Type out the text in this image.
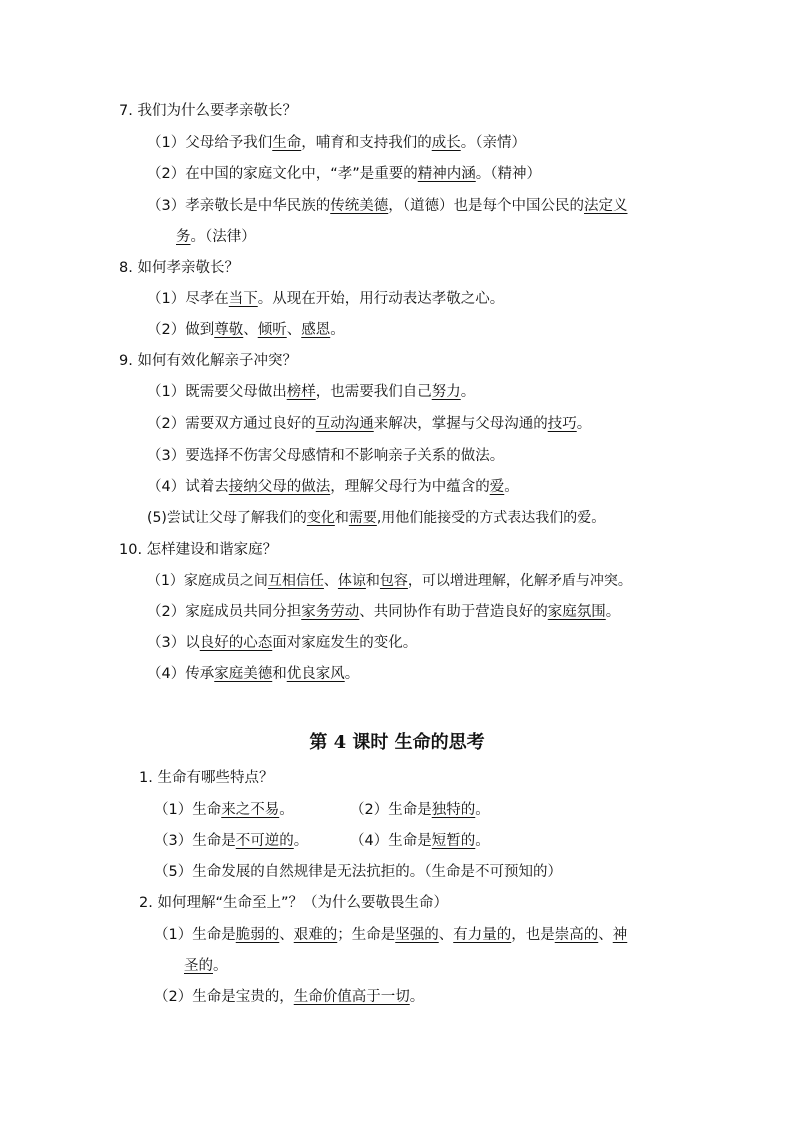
7. 我们为什么要孝亲敬长？
（1）父母给予我们生命，哺育和支持我们的成长。（亲情）
（2）在中国的家庭文化中，“孝”是重要的精神内涵。（精神）
（3）孝亲敬长是中华民族的传统美德，（道德）也是每个中国公民的法定义
务。（法律）
8. 如何孝亲敬长？
（1）尽孝在当下。从现在开始，用行动表达孝敬之心。
（2）做到尊敬、倾听、感恩。
9. 如何有效化解亲子冲突？
（1）既需要父母做出榜样，也需要我们自己努力。
（2）需要双方通过良好的互动沟通来解决，掌握与父母沟通的技巧。
（3）要选择不伤害父母感情和不影响亲子关系的做法。
（4）试着去接纳父母的做法，理解父母行为中蕴含的爱。
(5)尝试让父母了解我们的变化和需要,用他们能接受的方式表达我们的爱。
10. 怎样建设和谐家庭？
（1）家庭成员之间互相信任、体谅和包容，可以增进理解，化解矛盾与冲突。
（2）家庭成员共同分担家务劳动、共同协作有助于营造良好的家庭氛围。
（3）以良好的心态面对家庭发生的变化。
（4）传承家庭美德和优良家风。
第 4 课时 生命的思考
1. 生命有哪些特点？
（1）生命来之不易。	（2）生命是独特的。
（3）生命是不可逆的。	（4）生命是短暂的。
（5）生命发展的自然规律是无法抗拒的。（生命是不可预知的）
2. 如何理解“生命至上”？（为什么要敬畏生命）
（1）生命是脆弱的、艰难的；生命是坚强的、有力量的，也是崇高的、神
圣的。
（2）生命是宝贵的，生命价值高于一切。
